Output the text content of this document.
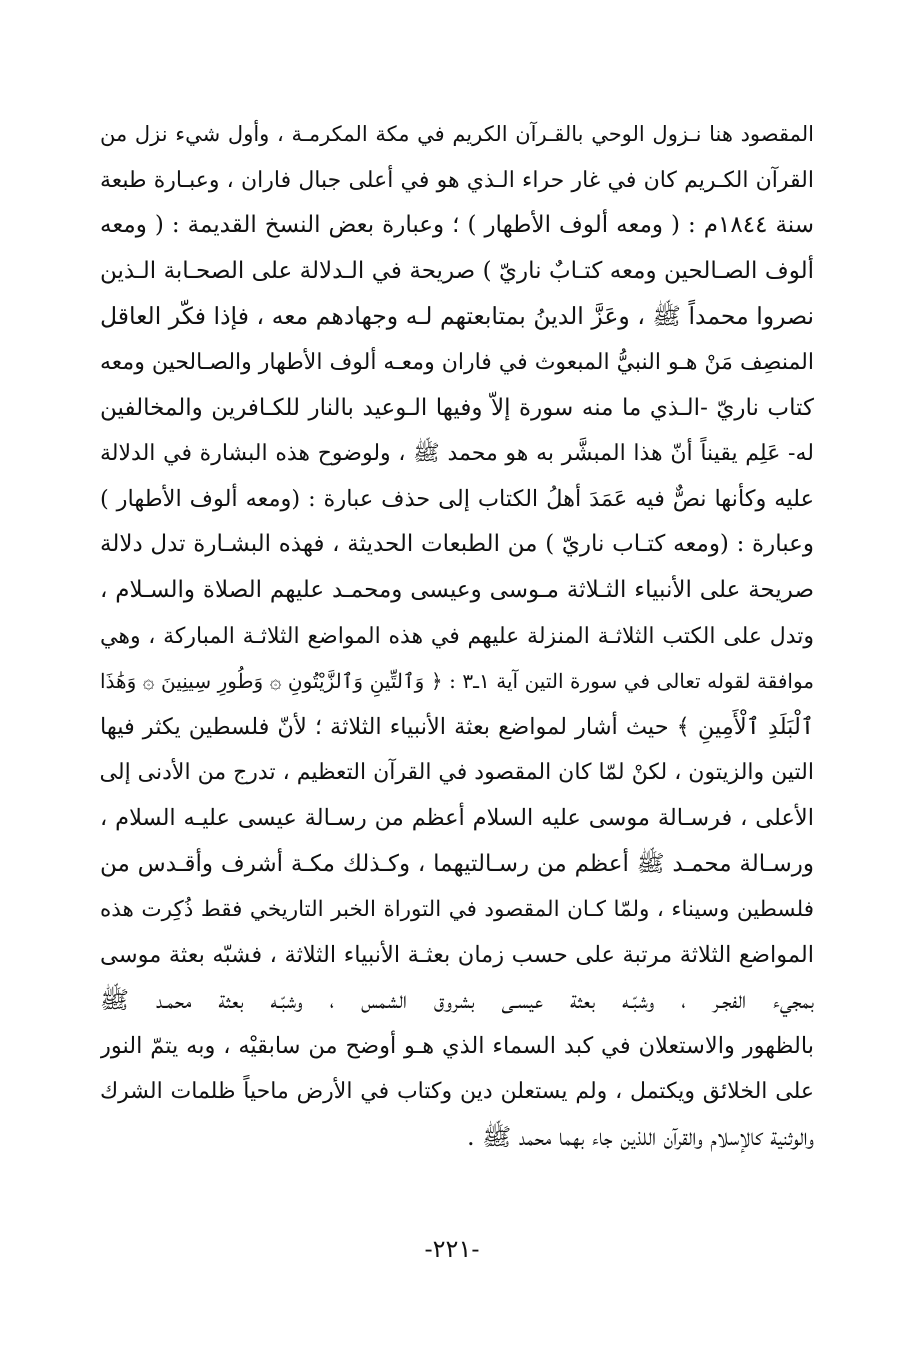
المقصود هنا نـزول الوحي بالقـرآن الكريم في مكة المكرمـة ، وأول شيء نزل من
القرآن الكـريم كان في غار حراء الـذي هو في أعلى جبال فاران ، وعبـارة طبعة
سنة ١٨٤٤م : ( ومعه ألوف الأطهار ) ؛ وعبارة بعض النسخ القديمة : ( ومعه
ألوف الصـالحين ومعه كتـابٌ ناريّ ) صريحة في الـدلالة على الصحـابة الـذين
نصروا محمداً ﷺ ، وعَزَّ الدينُ بمتابعتهم لـه وجهادهم معه ، فإذا فكّر العاقل
المنصِف مَنْ هـو النبيُّ المبعوث في فاران ومعـه ألوف الأطهار والصـالحين ومعه
كتاب ناريّ -الـذي ما منه سورة إلاّ وفيها الـوعيد بالنار للكـافرين والمخالفين
له- عَلِم يقيناً أنّ هذا المبشَّر به هو محمد ﷺ ، ولوضوح هذه البشارة في الدلالة
عليه وكأنها نصٌّ فيه عَمَدَ أهلُ الكتاب إلى حذف عبارة : (ومعه ألوف الأطهار )
وعبارة : (ومعه كتـاب ناريّ ) من الطبعات الحديثة ، فهذه البشـارة تدل دلالة
صريحة على الأنبياء الثـلاثة مـوسى وعيسى ومحمـد عليهم الصلاة والسـلام ،
وتدل على الكتب الثلاثـة المنزلة عليهم في هذه المواضع الثلاثـة المباركة ، وهي
موافقة لقوله تعالى في سورة التين آية ١ـ٣ : ﴿ وَٱلتِّينِ وَٱلزَّيْتُونِ ۞ وَطُورِ سِينِينَ ۞ وَهَٰذَا
ٱلْبَلَدِ ٱلْأَمِينِ ﴾ حيث أشار لمواضع بعثة الأنبياء الثلاثة ؛ لأنّ فلسطين يكثر فيها
التين والزيتون ، لكنْ لمّا كان المقصود في القرآن التعظيم ، تدرج من الأدنى إلى
الأعلى ، فرسـالة موسى عليه السلام أعظم من رسـالة عيسى عليـه السلام ،
ورسـالة محمـد ﷺ أعظم من رسـالتيهما ، وكـذلك مكـة أشرف وأقـدس من
فلسطين وسيناء ، ولمّا كـان المقصود في التوراة الخبر التاريخي فقط ذُكِرت هذه
المواضع الثلاثة مرتبة على حسب زمان بعثـة الأنبياء الثلاثة ، فشبّه بعثة موسى
بمجيء الفجـر ، وشبّـه بعثة عيسـى بشروق الشمس ، وشبّـه بعثة محمـد ﷺ
بالظهور والاستعلان في كبد السماء الذي هـو أوضح من سابقيْه ، وبه يتمّ النور
على الخلائق ويكتمل ، ولم يستعلن دين وكتاب في الأرض ماحياً ظلمات الشرك
والوثنية كالإسلام والقرآن اللذين جاء بهما محمد ﷺ .
-٢٢١-
